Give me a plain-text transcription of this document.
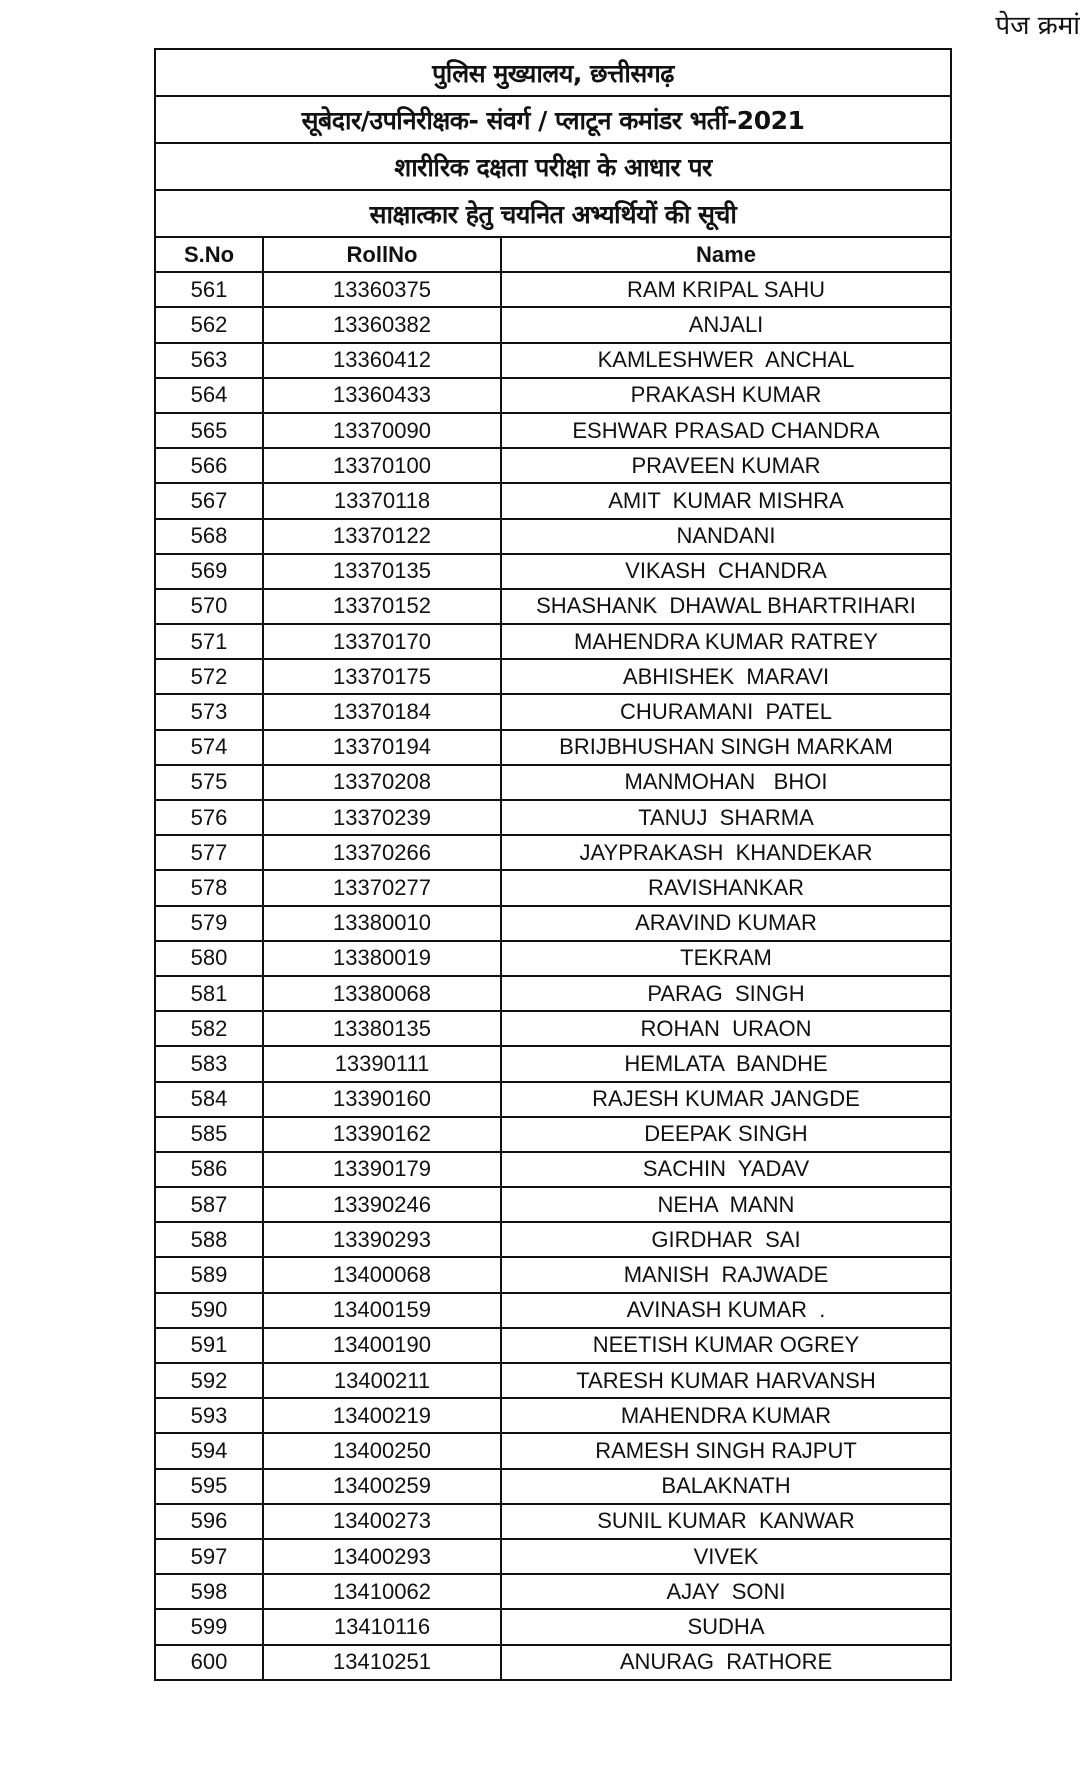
पेज क्रमां
पुलिस मुख्यालय, छत्तीसगढ़
सूबेदार/उपनिरीक्षक- संवर्ग / प्लाटून कमांडर भर्ती-2021
शारीरिक दक्षता परीक्षा के आधार पर
साक्षात्कार हेतु चयनित अभ्यर्थियों की सूची
S.No	RollNo	Name
561	13360375	RAM KRIPAL SAHU
562	13360382	ANJALI
563	13360412	KAMLESHWER  ANCHAL
564	13360433	PRAKASH KUMAR
565	13370090	ESHWAR PRASAD CHANDRA
566	13370100	PRAVEEN KUMAR
567	13370118	AMIT  KUMAR MISHRA
568	13370122	NANDANI
569	13370135	VIKASH  CHANDRA
570	13370152	SHASHANK  DHAWAL BHARTRIHARI
571	13370170	MAHENDRA KUMAR RATREY
572	13370175	ABHISHEK  MARAVI
573	13370184	CHURAMANI  PATEL
574	13370194	BRIJBHUSHAN SINGH MARKAM
575	13370208	MANMOHAN   BHOI
576	13370239	TANUJ  SHARMA
577	13370266	JAYPRAKASH  KHANDEKAR
578	13370277	RAVISHANKAR
579	13380010	ARAVIND KUMAR
580	13380019	TEKRAM
581	13380068	PARAG  SINGH
582	13380135	ROHAN  URAON
583	13390111	HEMLATA  BANDHE
584	13390160	RAJESH KUMAR JANGDE
585	13390162	DEEPAK SINGH
586	13390179	SACHIN  YADAV
587	13390246	NEHA  MANN
588	13390293	GIRDHAR  SAI
589	13400068	MANISH  RAJWADE
590	13400159	AVINASH KUMAR  .
591	13400190	NEETISH KUMAR OGREY
592	13400211	TARESH KUMAR HARVANSH
593	13400219	MAHENDRA KUMAR
594	13400250	RAMESH SINGH RAJPUT
595	13400259	BALAKNATH
596	13400273	SUNIL KUMAR  KANWAR
597	13400293	VIVEK
598	13410062	AJAY  SONI
599	13410116	SUDHA
600	13410251	ANURAG  RATHORE
